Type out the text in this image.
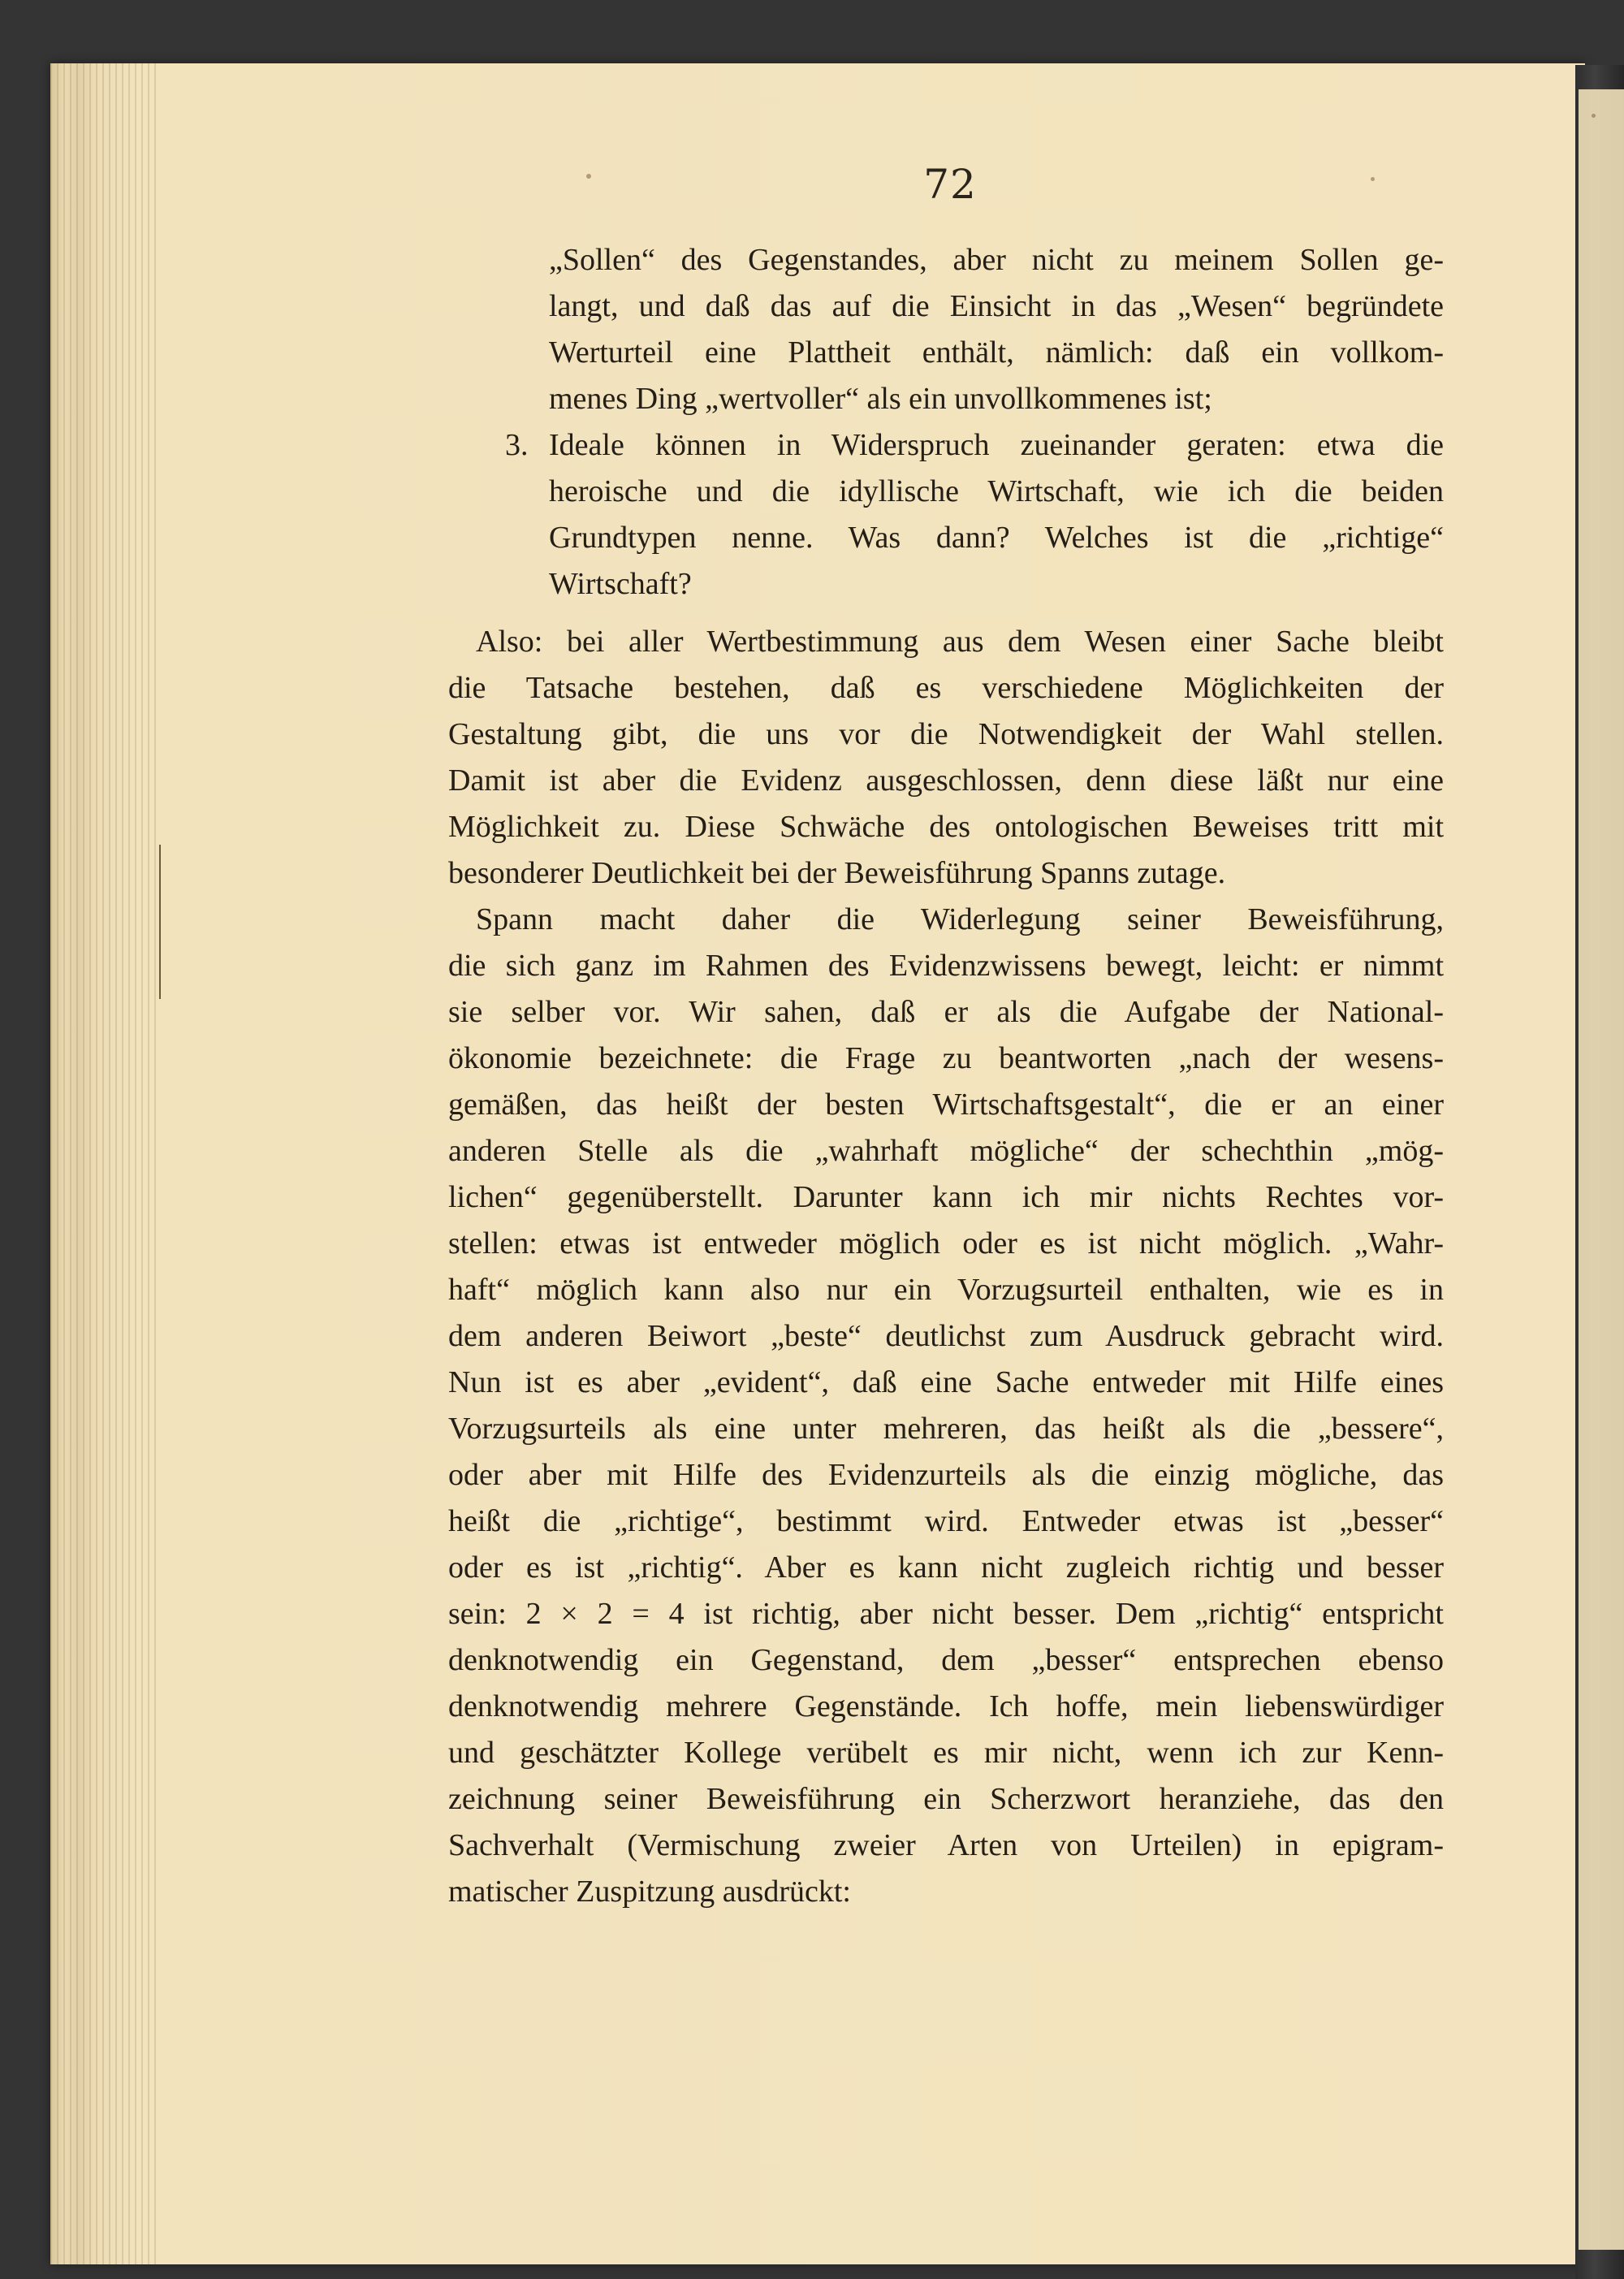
72
„Sollen“ des Gegenstandes, aber nicht zu meinem Sollen ge-
langt, und daß das auf die Einsicht in das „Wesen“ begründete
Werturteil eine Plattheit enthält, nämlich: daß ein vollkom-
menes Ding „wertvoller“ als ein unvollkommenes ist;
3. Ideale können in Widerspruch zueinander geraten: etwa die
heroische und die idyllische Wirtschaft, wie ich die beiden
Grundtypen nenne. Was dann? Welches ist die „richtige“
Wirtschaft?
Also: bei aller Wertbestimmung aus dem Wesen einer Sache bleibt
die Tatsache bestehen, daß es verschiedene Möglichkeiten der
Gestaltung gibt, die uns vor die Notwendigkeit der Wahl stellen.
Damit ist aber die Evidenz ausgeschlossen, denn diese läßt nur eine
Möglichkeit zu. Diese Schwäche des ontologischen Beweises tritt mit
besonderer Deutlichkeit bei der Beweisführung Spanns zutage.
Spann macht daher die Widerlegung seiner Beweisführung,
die sich ganz im Rahmen des Evidenzwissens bewegt, leicht: er nimmt
sie selber vor. Wir sahen, daß er als die Aufgabe der National-
ökonomie bezeichnete: die Frage zu beantworten „nach der wesens-
gemäßen, das heißt der besten Wirtschaftsgestalt“, die er an einer
anderen Stelle als die „wahrhaft mögliche“ der schechthin „mög-
lichen“ gegenüberstellt. Darunter kann ich mir nichts Rechtes vor-
stellen: etwas ist entweder möglich oder es ist nicht möglich. „Wahr-
haft“ möglich kann also nur ein Vorzugsurteil enthalten, wie es in
dem anderen Beiwort „beste“ deutlichst zum Ausdruck gebracht wird.
Nun ist es aber „evident“, daß eine Sache entweder mit Hilfe eines
Vorzugsurteils als eine unter mehreren, das heißt als die „bessere“,
oder aber mit Hilfe des Evidenzurteils als die einzig mögliche, das
heißt die „richtige“, bestimmt wird. Entweder etwas ist „besser“
oder es ist „richtig“. Aber es kann nicht zugleich richtig und besser
sein: 2 × 2 = 4 ist richtig, aber nicht besser. Dem „richtig“ entspricht
denknotwendig ein Gegenstand, dem „besser“ entsprechen ebenso
denknotwendig mehrere Gegenstände. Ich hoffe, mein liebenswürdiger
und geschätzter Kollege verübelt es mir nicht, wenn ich zur Kenn-
zeichnung seiner Beweisführung ein Scherzwort heranziehe, das den
Sachverhalt (Vermischung zweier Arten von Urteilen) in epigram-
matischer Zuspitzung ausdrückt:
